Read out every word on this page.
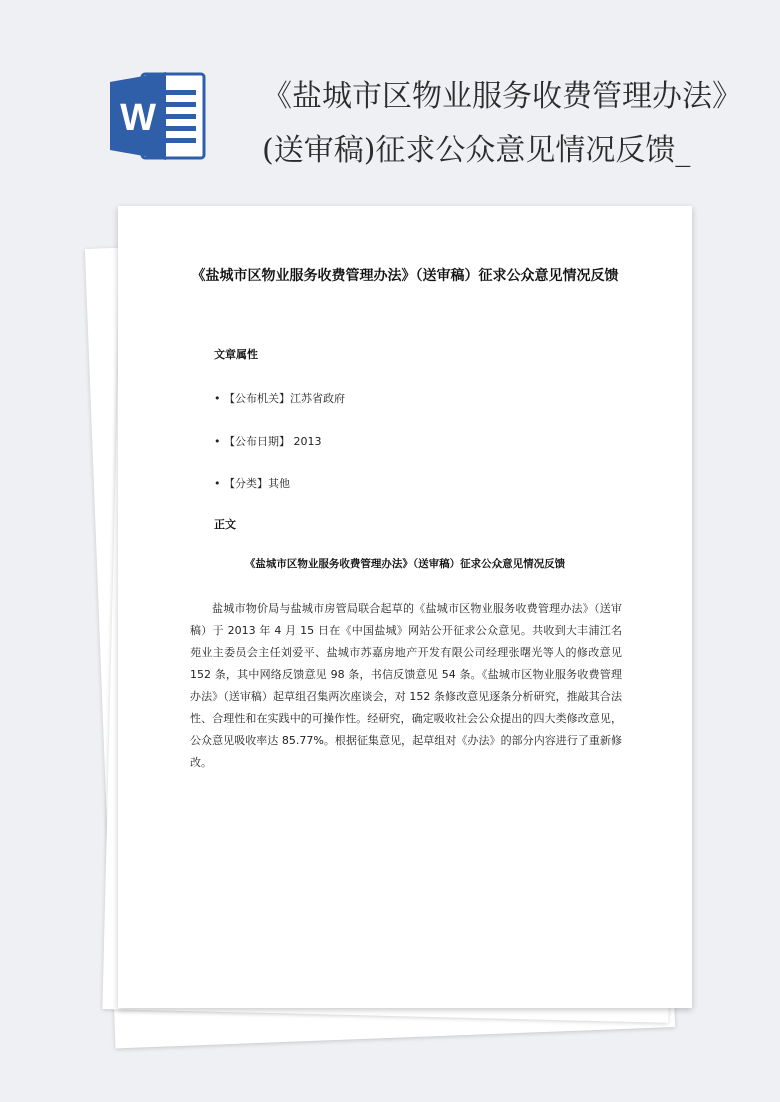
W
《盐城市区物业服务收费管理办法》(送审稿)征求公众意见情况反馈_
《盐城市区物业服务收费管理办法》（送审稿）征求公众意见情况反馈
文章属性
• 【公布机关】江苏省政府
• 【公布日期】 2013
• 【分类】其他
正文
《盐城市区物业服务收费管理办法》（送审稿）征求公众意见情况反馈
盐城市物价局与盐城市房管局联合起草的《盐城市区物业服务收费管理办法》（送审稿）于 2013 年 4 月 15 日在《中国盐城》网站公开征求公众意见。共收到大丰浦江名苑业主委员会主任刘爱平、盐城市苏嘉房地产开发有限公司经理张曙光等人的修改意见 152 条，其中网络反馈意见 98 条，书信反馈意见 54 条。《盐城市区物业服务收费管理办法》（送审稿）起草组召集两次座谈会，对 152 条修改意见逐条分析研究，推敲其合法性、合理性和在实践中的可操作性。经研究，确定吸收社会公众提出的四大类修改意见，公众意见吸收率达 85.77%。根据征集意见，起草组对《办法》的部分内容进行了重新修改。
